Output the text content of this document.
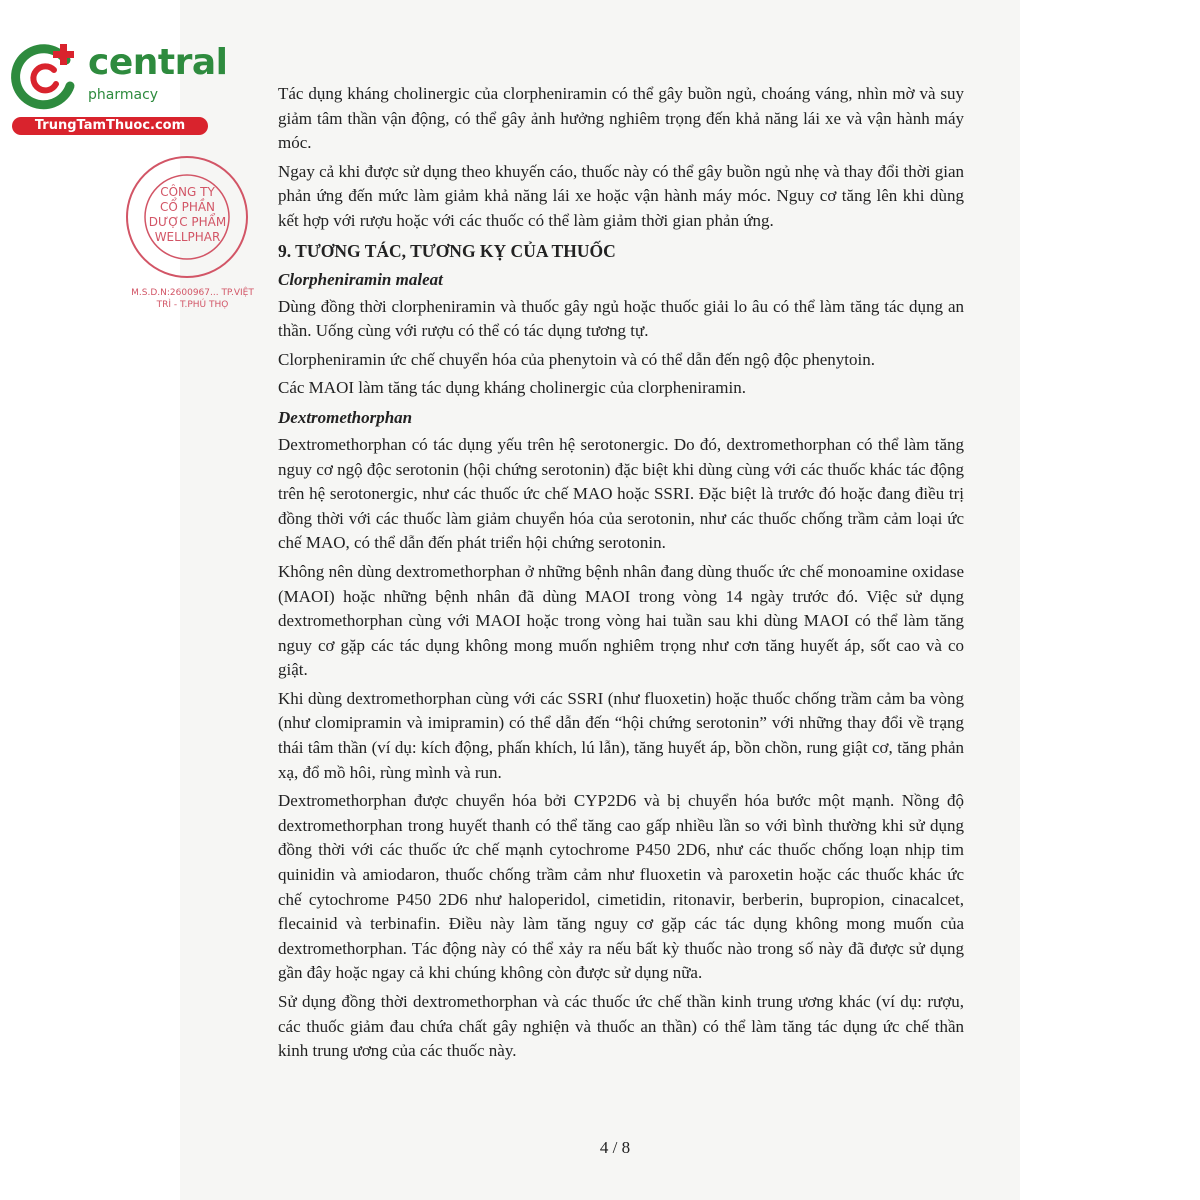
central
pharmacy
TrungTamThuoc.com
CÔNG TY
CỔ PHẦN
DƯỢC PHẨM
WELLPHAR
M.S.D.N:2600967... TP.VIỆT TRÌ - T.PHÚ THỌ

Tác dụng kháng cholinergic của clorpheniramin có thể gây buồn ngủ, choáng váng, nhìn mờ và suy giảm tâm thần vận động, có thể gây ảnh hưởng nghiêm trọng đến khả năng lái xe và vận hành máy móc.

Ngay cả khi được sử dụng theo khuyến cáo, thuốc này có thể gây buồn ngủ nhẹ và thay đổi thời gian phản ứng đến mức làm giảm khả năng lái xe hoặc vận hành máy móc. Nguy cơ tăng lên khi dùng kết hợp với rượu hoặc với các thuốc có thể làm giảm thời gian phản ứng.

9. TƯƠNG TÁC, TƯƠNG KỴ CỦA THUỐC
Clorpheniramin maleat

Dùng đồng thời clorpheniramin và thuốc gây ngủ hoặc thuốc giải lo âu có thể làm tăng tác dụng an thần. Uống cùng với rượu có thể có tác dụng tương tự.

Clorpheniramin ức chế chuyển hóa của phenytoin và có thể dẫn đến ngộ độc phenytoin.

Các MAOI làm tăng tác dụng kháng cholinergic của clorpheniramin.

Dextromethorphan

Dextromethorphan có tác dụng yếu trên hệ serotonergic. Do đó, dextromethorphan có thể làm tăng nguy cơ ngộ độc serotonin (hội chứng serotonin) đặc biệt khi dùng cùng với các thuốc khác tác động trên hệ serotonergic, như các thuốc ức chế MAO hoặc SSRI. Đặc biệt là trước đó hoặc đang điều trị đồng thời với các thuốc làm giảm chuyển hóa của serotonin, như các thuốc chống trầm cảm loại ức chế MAO, có thể dẫn đến phát triển hội chứng serotonin.

Không nên dùng dextromethorphan ở những bệnh nhân đang dùng thuốc ức chế monoamine oxidase (MAOI) hoặc những bệnh nhân đã dùng MAOI trong vòng 14 ngày trước đó. Việc sử dụng dextromethorphan cùng với MAOI hoặc trong vòng hai tuần sau khi dùng MAOI có thể làm tăng nguy cơ gặp các tác dụng không mong muốn nghiêm trọng như cơn tăng huyết áp, sốt cao và co giật.

Khi dùng dextromethorphan cùng với các SSRI (như fluoxetin) hoặc thuốc chống trầm cảm ba vòng (như clomipramin và imipramin) có thể dẫn đến “hội chứng serotonin” với những thay đổi về trạng thái tâm thần (ví dụ: kích động, phấn khích, lú lẫn), tăng huyết áp, bồn chồn, rung giật cơ, tăng phản xạ, đổ mồ hôi, rùng mình và run.

Dextromethorphan được chuyển hóa bởi CYP2D6 và bị chuyển hóa bước một mạnh. Nồng độ dextromethorphan trong huyết thanh có thể tăng cao gấp nhiều lần so với bình thường khi sử dụng đồng thời với các thuốc ức chế mạnh cytochrome P450 2D6, như các thuốc chống loạn nhịp tim quinidin và amiodaron, thuốc chống trầm cảm như fluoxetin và paroxetin hoặc các thuốc khác ức chế cytochrome P450 2D6 như haloperidol, cimetidin, ritonavir, berberin, bupropion, cinacalcet, flecainid và terbinafin. Điều này làm tăng nguy cơ gặp các tác dụng không mong muốn của dextromethorphan. Tác động này có thể xảy ra nếu bất kỳ thuốc nào trong số này đã được sử dụng gần đây hoặc ngay cả khi chúng không còn được sử dụng nữa.

Sử dụng đồng thời dextromethorphan và các thuốc ức chế thần kinh trung ương khác (ví dụ: rượu, các thuốc giảm đau chứa chất gây nghiện và thuốc an thần) có thể làm tăng tác dụng ức chế thần kinh trung ương của các thuốc này.

4 / 8
